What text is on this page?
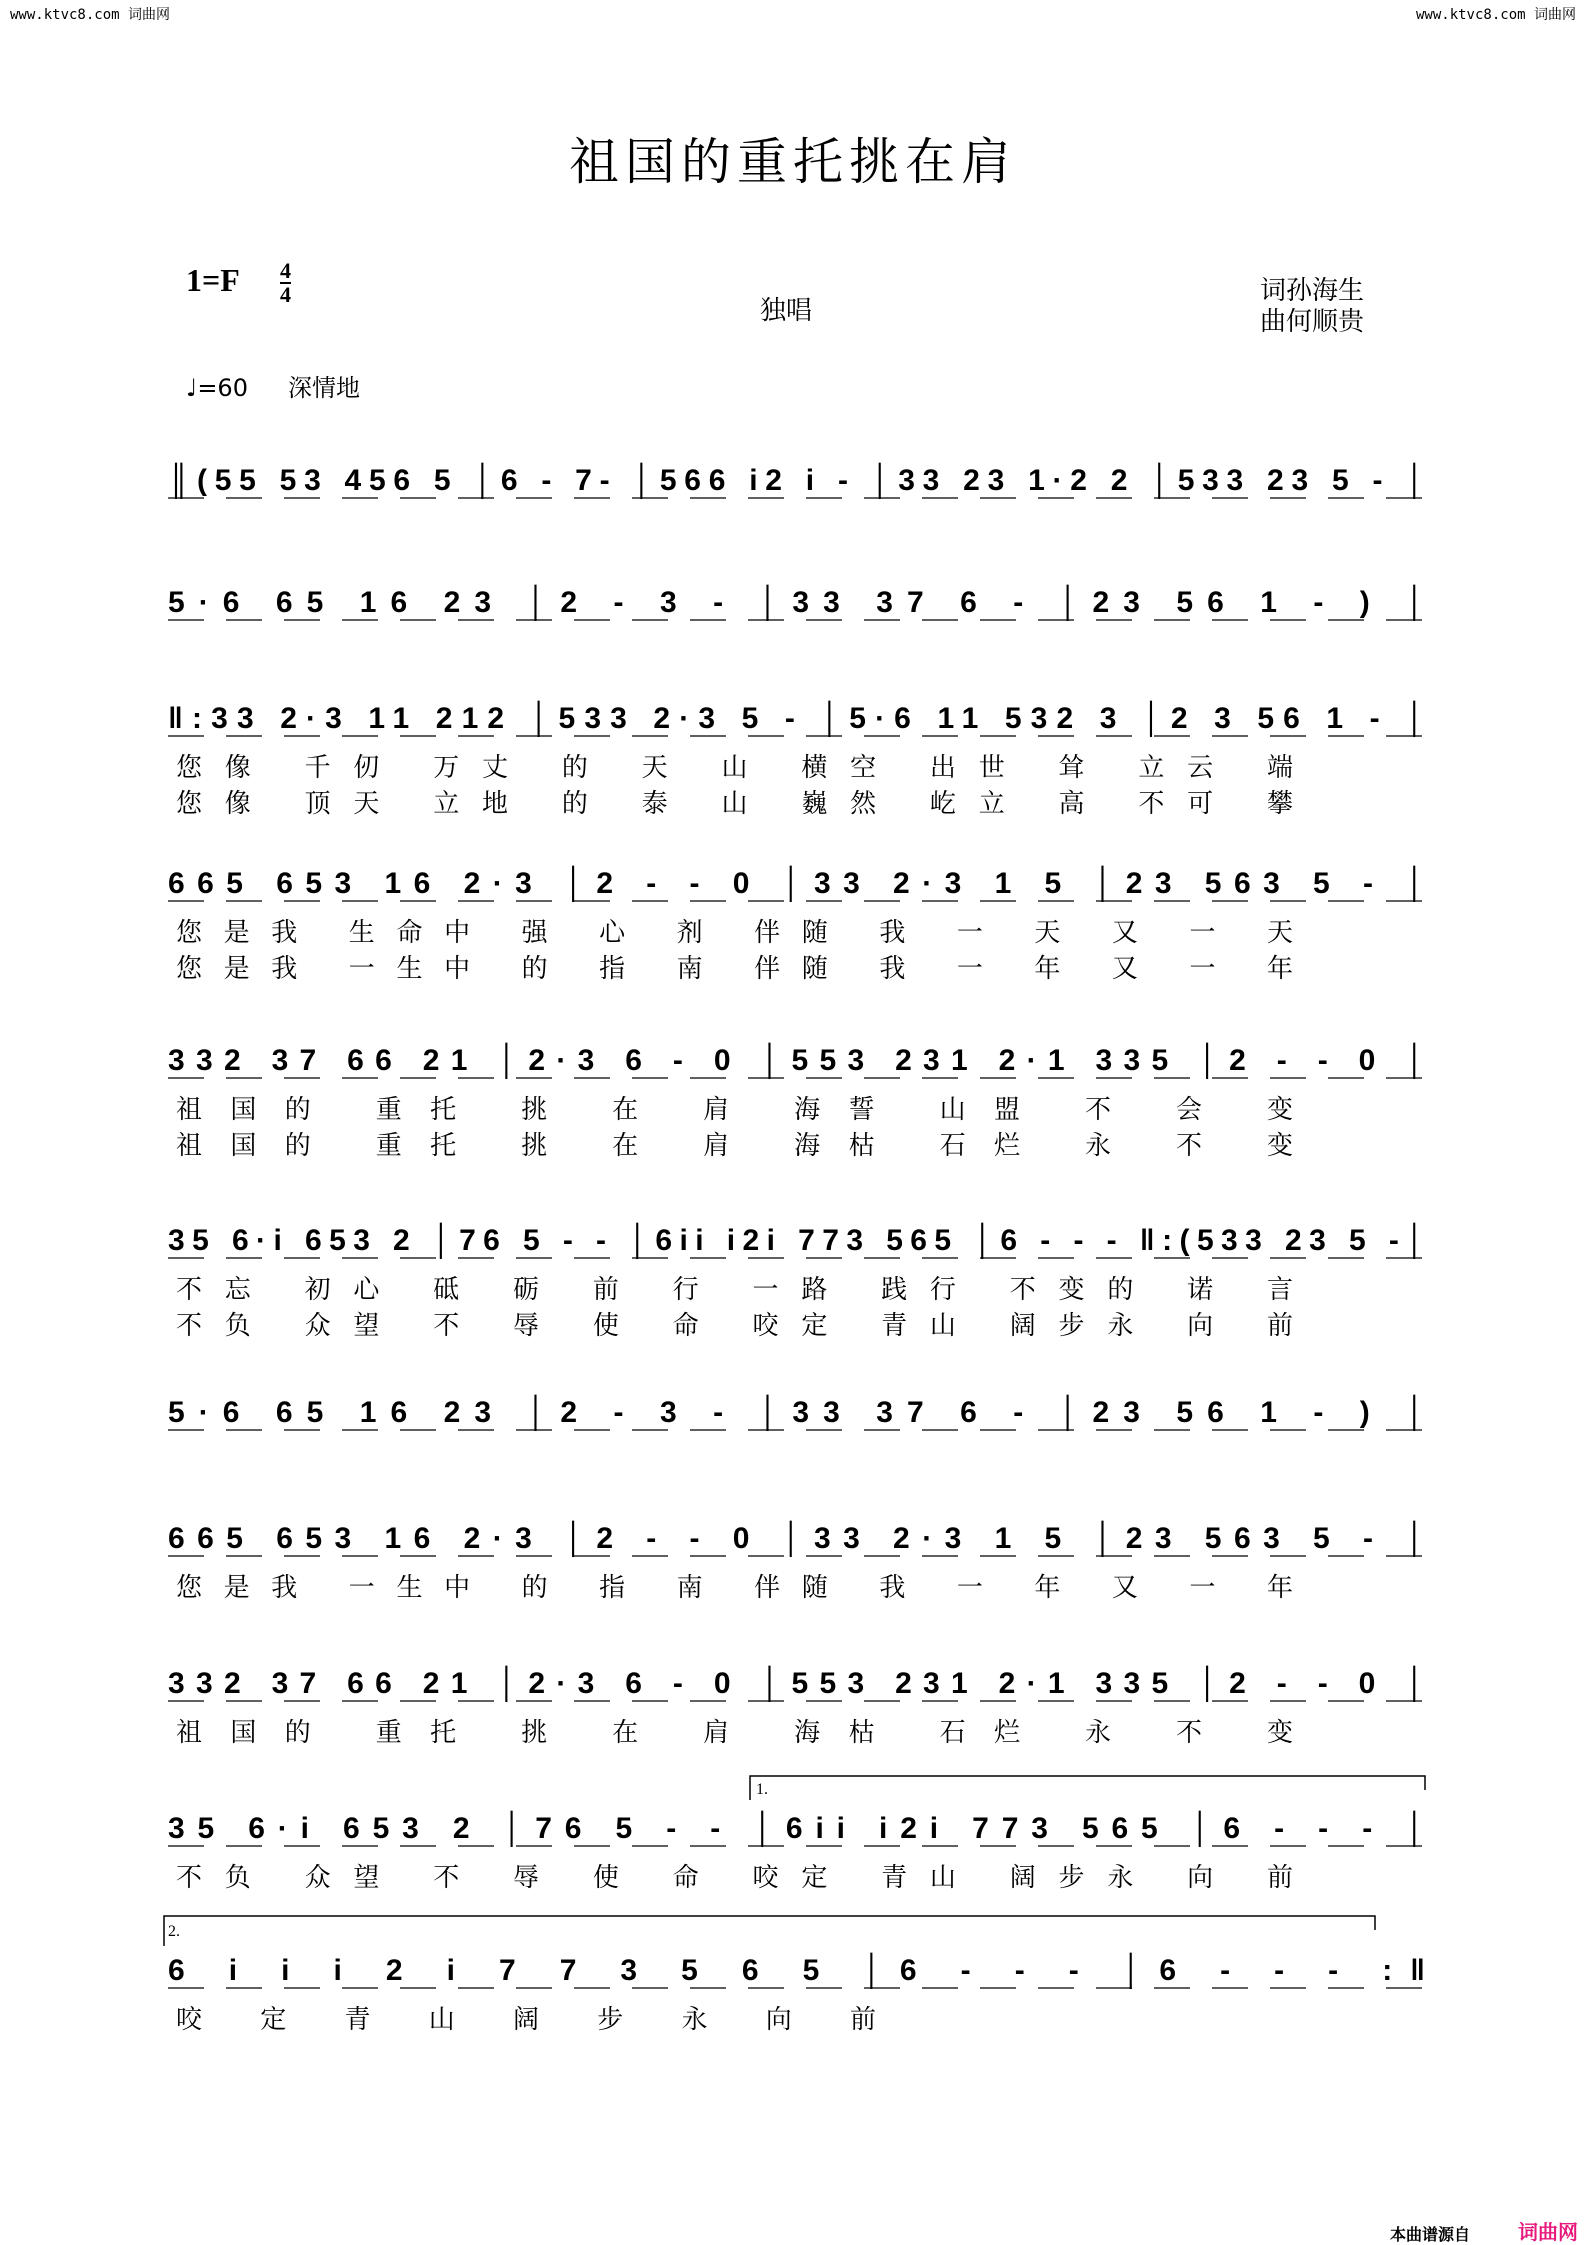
www.ktvc8.com 词曲网	www.ktvc8.com 词曲网
祖国的重托挑在肩
$1=F \frac{4}{4}$
独唱
词孙海生
曲何顺贵
♩=60 深情地
║(55 53 456 5 │6 - 7- │566 i2 i - │33 23 1·2 2 │533 23 5 - │
5·6 65 16 23 │2 - 3 - │33 37 6 - │23 56 1 - ) │
‖:33 2·3 11 212 │533 2·3 5 - │5·6 11 532 3 │2 3 56 1 - │
您像 千仞 万丈 的 天 山 横空 出世 耸 立云 端
您像 顶天 立地 的 泰 山 巍然 屹立 高 不可 攀
665 653 16 2·3 │2 - - 0 │33 2·3 1 5 │23 563 5 - │
您是我 生命中 强 心 剂 伴随 我 一 天 又 一 天
您是我 一生中 的 指 南 伴随 我 一 年 又 一 年
332 37 66 21 │2·3 6 - 0 │553 231 2·1 335 │2 - - 0 │
祖国的 重托 挑 在 肩 海誓 山盟 不 会 变
祖国的 重托 挑 在 肩 海枯 石烂 永 不 变
35 6·i 653 2 │76 5 - - │6ii i2i 773 565 │6 - - - ‖:(533 23 5 -│
不忘 初心 砥 砺 前 行 一路 践行 不变的 诺 言
不负 众望 不 辱 使 命 咬定 青山 阔步永 向 前
5·6 65 16 23 │2 - 3 - │33 37 6 - │23 56 1 - ) │
665 653 16 2·3 │2 - - 0 │33 2·3 1 5 │23 563 5 - │
您是我 一生中 的 指 南 伴随 我 一 年 又 一 年
332 37 66 21 │2·3 6 - 0 │553 231 2·1 335 │2 - - 0 │
祖国的 重托 挑 在 肩 海枯 石烂 永 不 变
35 6·i 653 2 │76 5 - - │6ii i2i 773 565 │6 - - - │
不负 众望 不 辱 使 命 咬定 青山 阔步永 向 前
6 i i i 2 i 7 7 3 5 6 5 │6 - - - │6 - - - :‖
咬 定 青 山 阔 步 永 向 前
1.
2.
本曲谱源自 词曲网
